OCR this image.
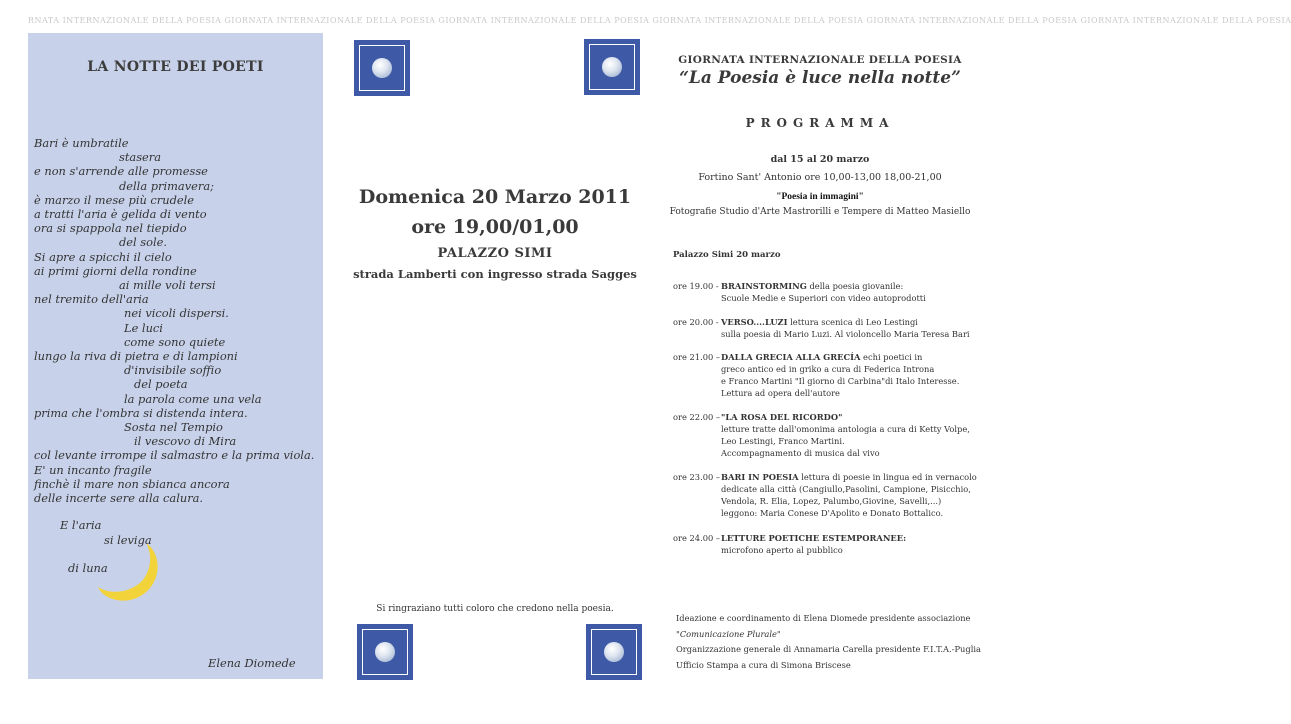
RNATA INTERNAZIONALE DELLA POESIA GIORNATA INTERNAZIONALE DELLA POESIA GIORNATA INTERNAZIONALE DELLA POESIA GIORNATA INTERNAZIONALE DELLA POESIA GIORNATA INTERNAZIONALE DELLA POESIA GIORNATA INTERNAZIONALE DELLA POESIA
LA NOTTE DEI POETI
Bari è umbratile
stasera
e non s'arrende alle promesse
della primavera;
è marzo il mese più crudele
a tratti l'aria è gelida di vento
ora si spappola nel tiepido
del sole.
Si apre a spicchi il cielo
ai primi giorni della rondine
ai mille voli tersi
nel tremito dell'aria
nei vicoli dispersi.
Le luci
come sono quiete
lungo la riva di pietra e di lampioni
d'invisibile soffio
del poeta
la parola come una vela
prima che l'ombra si distenda intera.
Sosta nel Tempio
il vescovo di Mira
col levante irrompe il salmastro e la prima viola.
E' un incanto fragile
finchè il mare non sbianca ancora
delle incerte sere alla calura.
E l'aria
si leviga
di luna
Elena Diomede
Domenica 20 Marzo 2011
ore 19,00/01,00
PALAZZO SIMI
strada Lamberti con ingresso strada Sagges
Si ringraziano tutti coloro che credono nella poesia.
GIORNATA INTERNAZIONALE DELLA POESIA
“La Poesia è luce nella notte”
PROGRAMMA
dal 15 al 20 marzo
Fortino Sant' Antonio ore 10,00-13,00 18,00-21,00
"Poesia in immagini"
Fotografie Studio d'Arte Mastrorilli e Tempere di Matteo Masiello
Palazzo Simi 20 marzo
ore 19.00 - BRAINSTORMING della poesia giovanile:
Scuole Medie e Superiori con video autoprodotti
ore 20.00 - VERSO....LUZI lettura scenica di Leo Lestingi
sulla poesia di Mario Luzi. Al violoncello Maria Teresa Bari
ore 21.00 –DALLA GRECIA ALLA GRECÍA echi poetici in
greco antico ed in griko a cura di Federica Introna
e Franco Martini "Il giorno di Carbina"di Italo Interesse.
Lettura ad opera dell'autore
ore 22.00 –"LA ROSA DEL RICORDO"
letture tratte dall'omonima antologia a cura di Ketty Volpe,
Leo Lestingi, Franco Martini.
Accompagnamento di musica dal vivo
ore 23.00 –BARI IN POESIA lettura di poesie in lingua ed in vernacolo
dedicate alla città (Cangiullo,Pasolini, Campione, Pisicchio,
Vendola, R. Elia, Lopez, Palumbo,Giovine, Savelli,...)
leggono: Maria Conese D'Apolito e Donato Bottalico.
ore 24.00 –LETTURE POETICHE ESTEMPORANEE:
microfono aperto al pubblico
Ideazione e coordinamento di Elena Diomede presidente associazione
"Comunicazione Plurale"
Organizzazione generale di Annamaria Carella presidente F.I.T.A.-Puglia
Ufficio Stampa a cura di Simona Briscese
